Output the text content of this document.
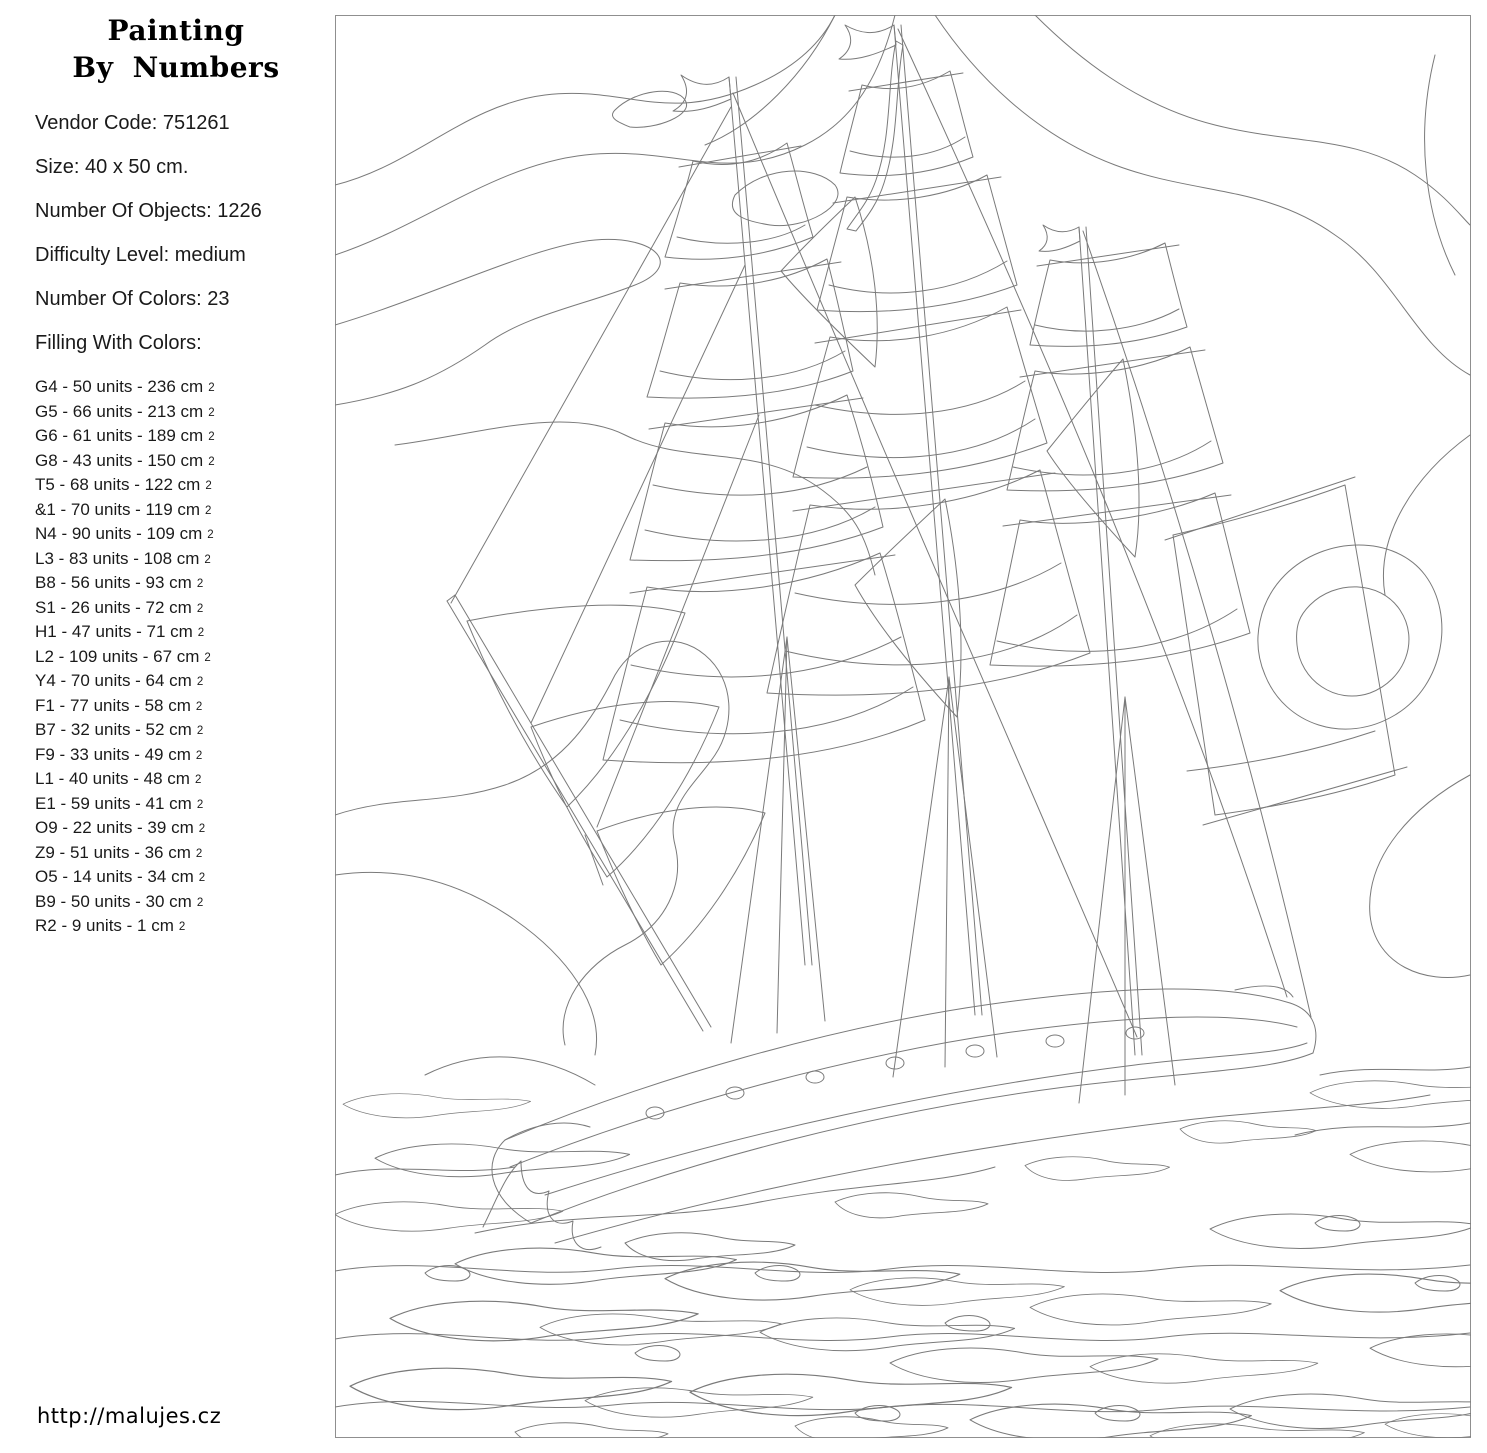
Painting
By Numbers

Vendor Code: 751261

Size: 40 x 50 cm.

Number Of Objects: 1226

Difficulty Level: medium

Number Of Colors: 23

Filling With Colors:

G4 - 50 units - 236 cm 2
G5 - 66 units - 213 cm 2
G6 - 61 units - 189 cm 2
G8 - 43 units - 150 cm 2
T5 - 68 units - 122 cm 2
&1 - 70 units - 119 cm 2
N4 - 90 units - 109 cm 2
L3 - 83 units - 108 cm 2
B8 - 56 units - 93 cm 2
S1 - 26 units - 72 cm 2
H1 - 47 units - 71 cm 2
L2 - 109 units - 67 cm 2
Y4 - 70 units - 64 cm 2
F1 - 77 units - 58 cm 2
B7 - 32 units - 52 cm 2
F9 - 33 units - 49 cm 2
L1 - 40 units - 48 cm 2
E1 - 59 units - 41 cm 2
O9 - 22 units - 39 cm 2
Z9 - 51 units - 36 cm 2
O5 - 14 units - 34 cm 2
B9 - 50 units - 30 cm 2
R2 - 9 units - 1 cm 2
http://malujes.cz
